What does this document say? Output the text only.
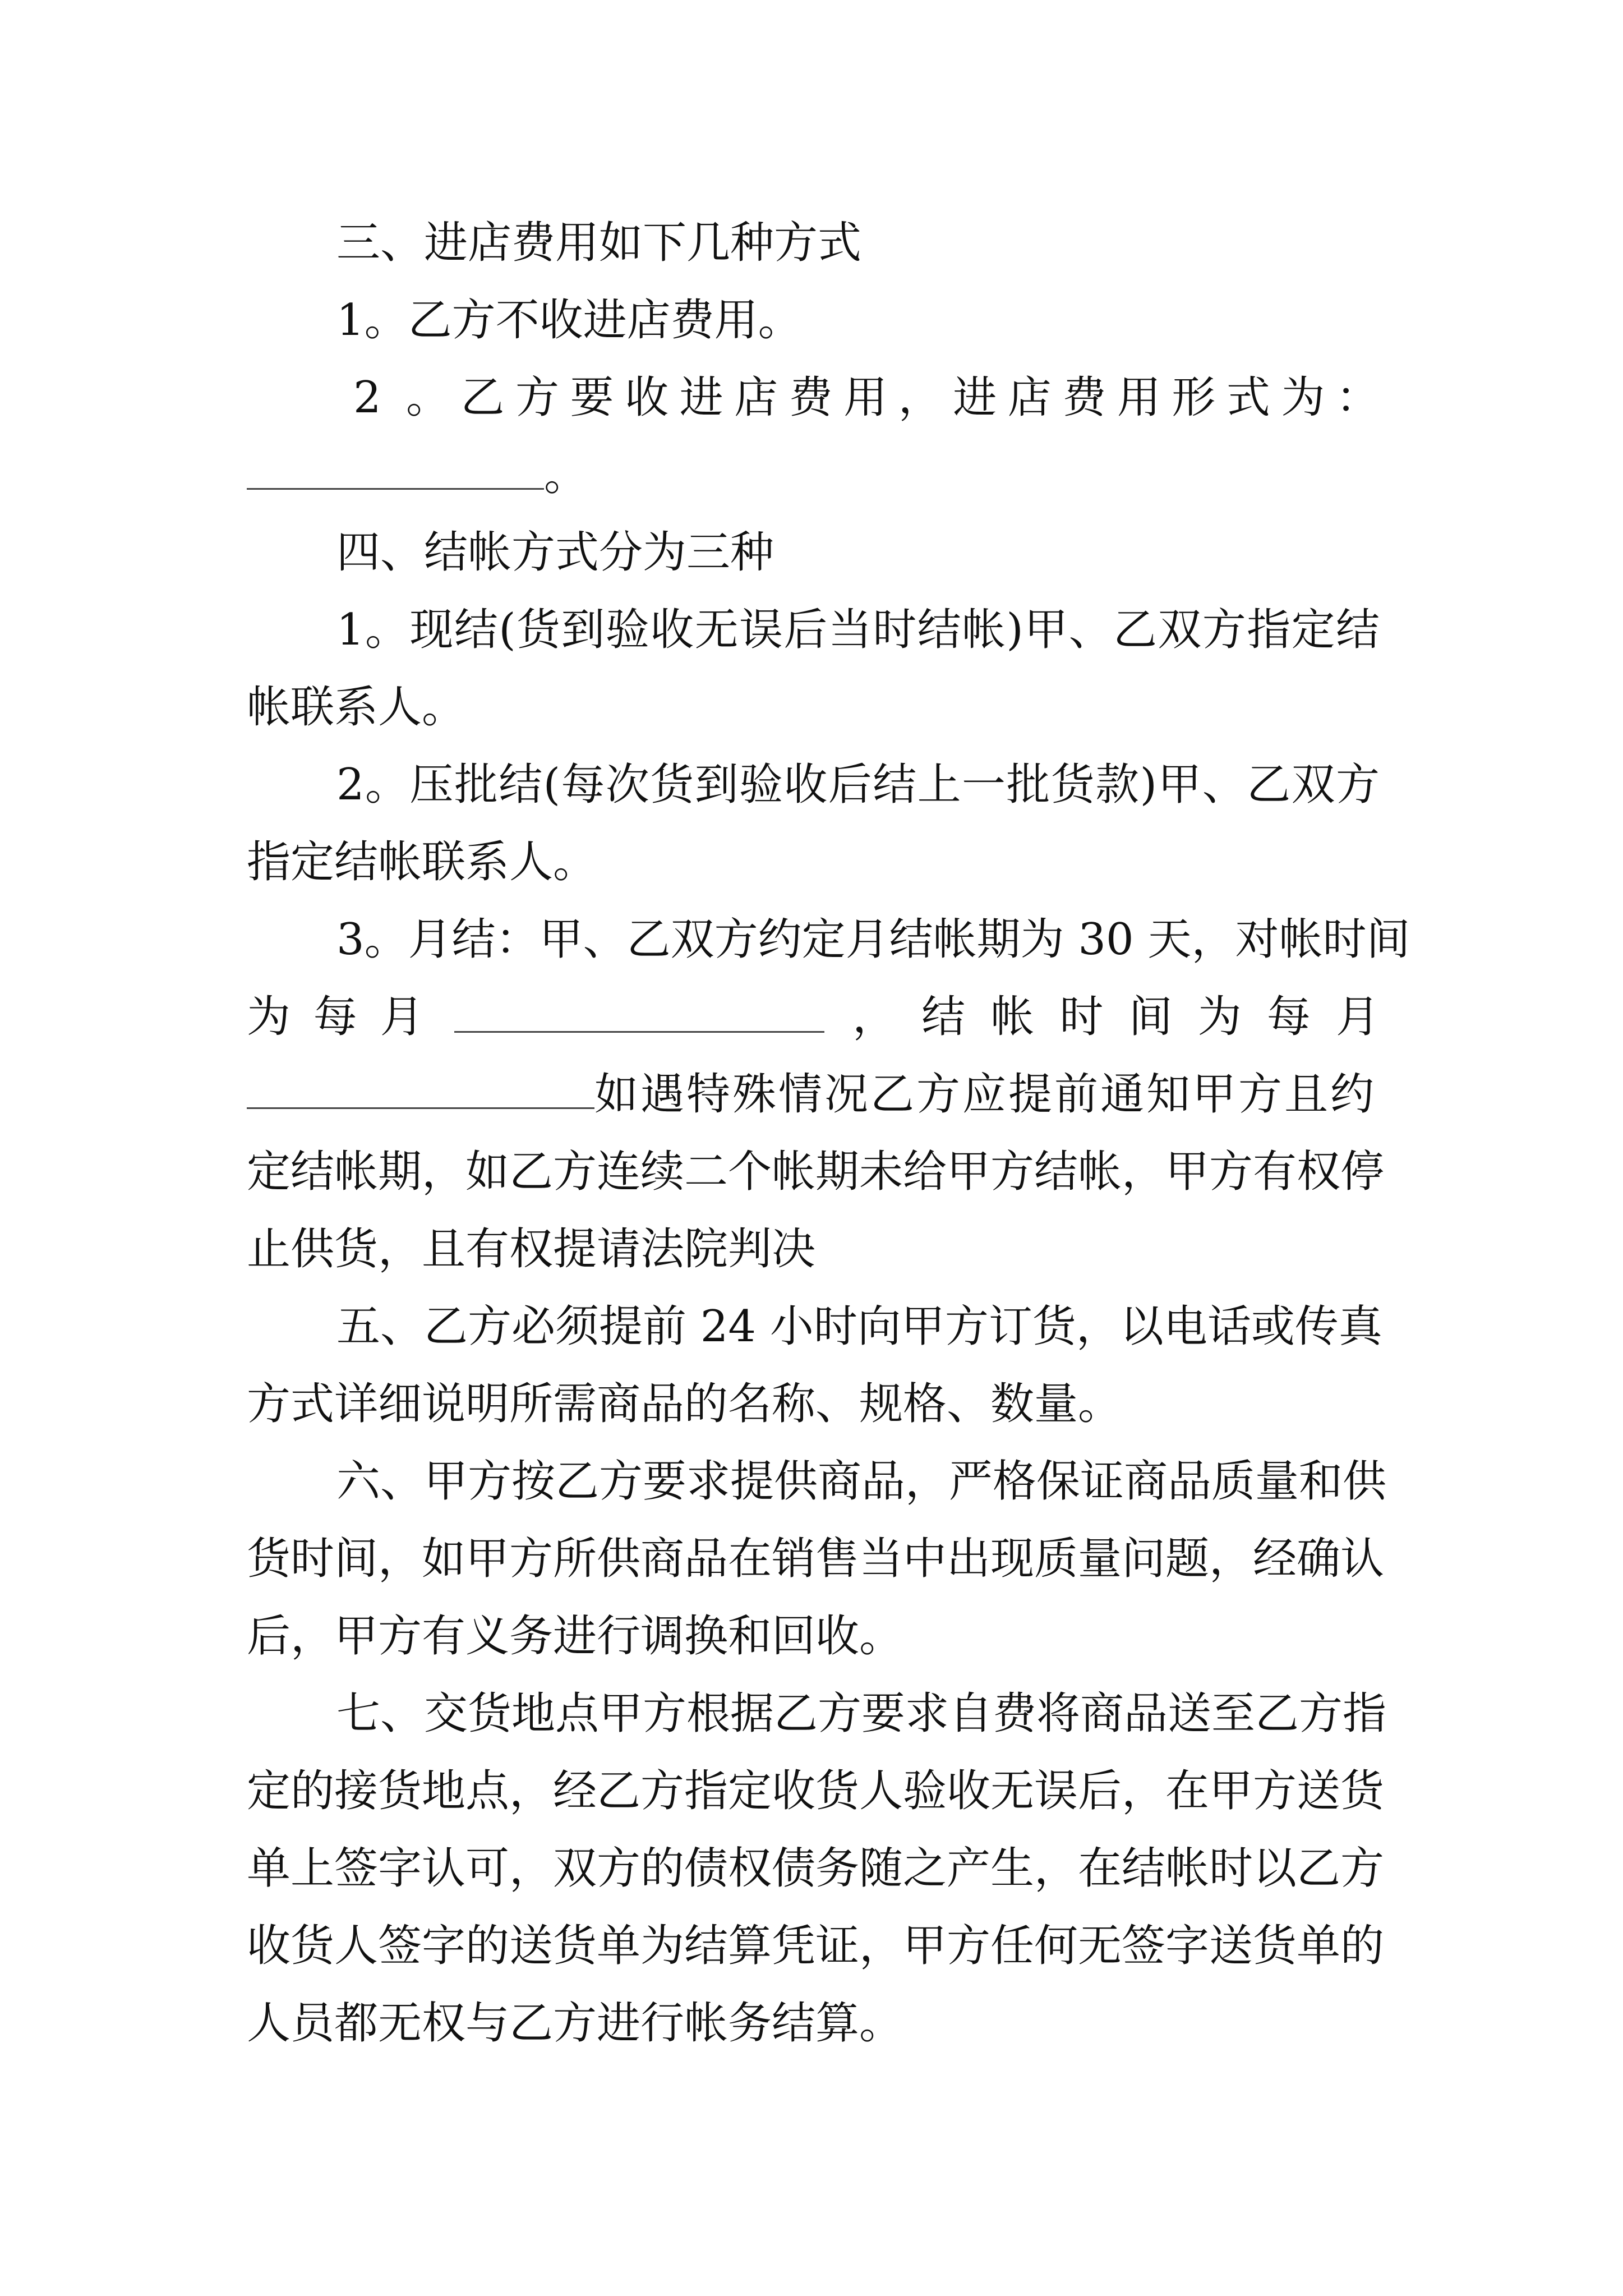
三、进店费用如下几种方式

1。乙方不收进店费用。

2 。乙方要收进店费用，进店费用形式为：

。

四、结帐方式分为三种

1。现结(货到验收无误后当时结帐)甲、乙双方指定结

帐联系人。

2。压批结(每次货到验收后结上一批货款)甲、乙双方

指定结帐联系人。

3。月结：甲、乙双方约定月结帐期为 30 天，对帐时间

为 每 月	， 结 帐 时 间 为 每 月

如遇特殊情况乙方应提前通知甲方且约

定结帐期，如乙方连续二个帐期未给甲方结帐，甲方有权停

止供货，且有权提请法院判决

五、乙方必须提前 24 小时向甲方订货，以电话或传真

方式详细说明所需商品的名称、规格、数量。

六、甲方按乙方要求提供商品，严格保证商品质量和供

货时间，如甲方所供商品在销售当中出现质量问题，经确认

后，甲方有义务进行调换和回收。

七、交货地点甲方根据乙方要求自费将商品送至乙方指

定的接货地点，经乙方指定收货人验收无误后，在甲方送货

单上签字认可，双方的债权债务随之产生，在结帐时以乙方

收货人签字的送货单为结算凭证，甲方任何无签字送货单的

人员都无权与乙方进行帐务结算。
